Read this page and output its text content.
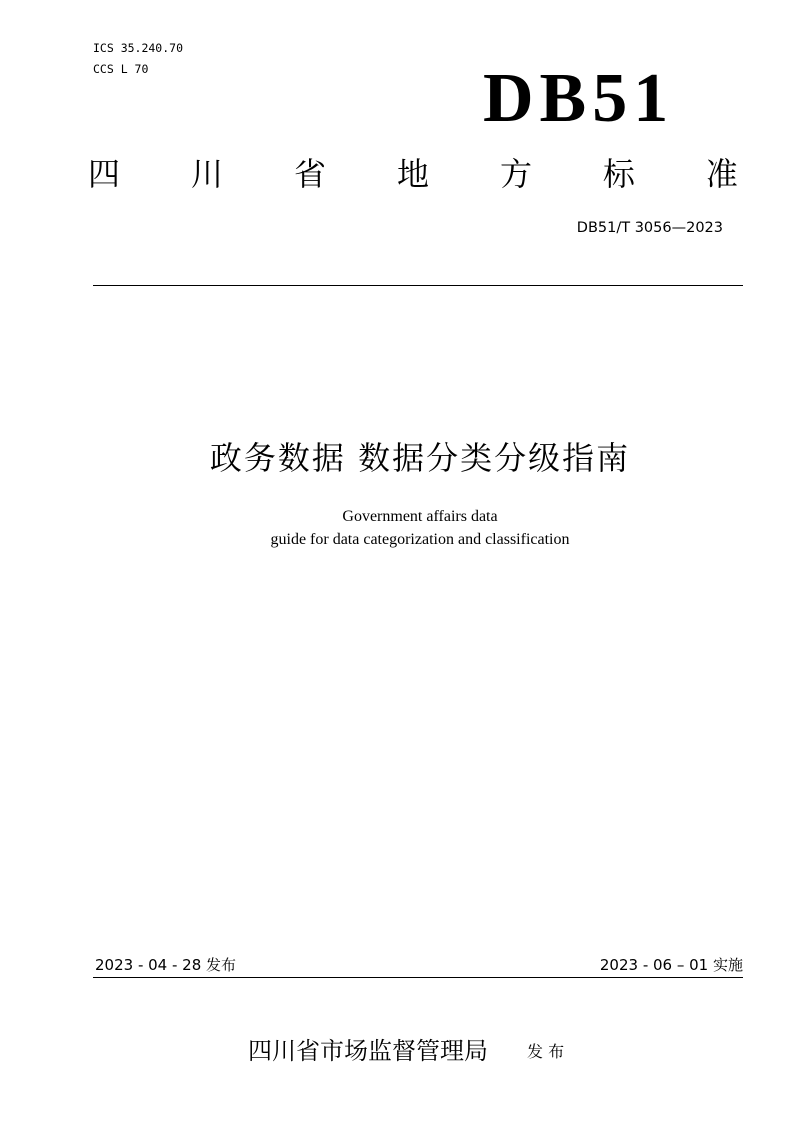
ICS 35.240.70
CCS L 70	DB51
四 川 省 地 方 标 准
DB51/T 3056—2023
政务数据 数据分类分级指南
Government affairs data
guide for data categorization and classification
2023 - 04 - 28 发布	2023 - 06 – 01 实施
四川省市场监督管理局 发 布
